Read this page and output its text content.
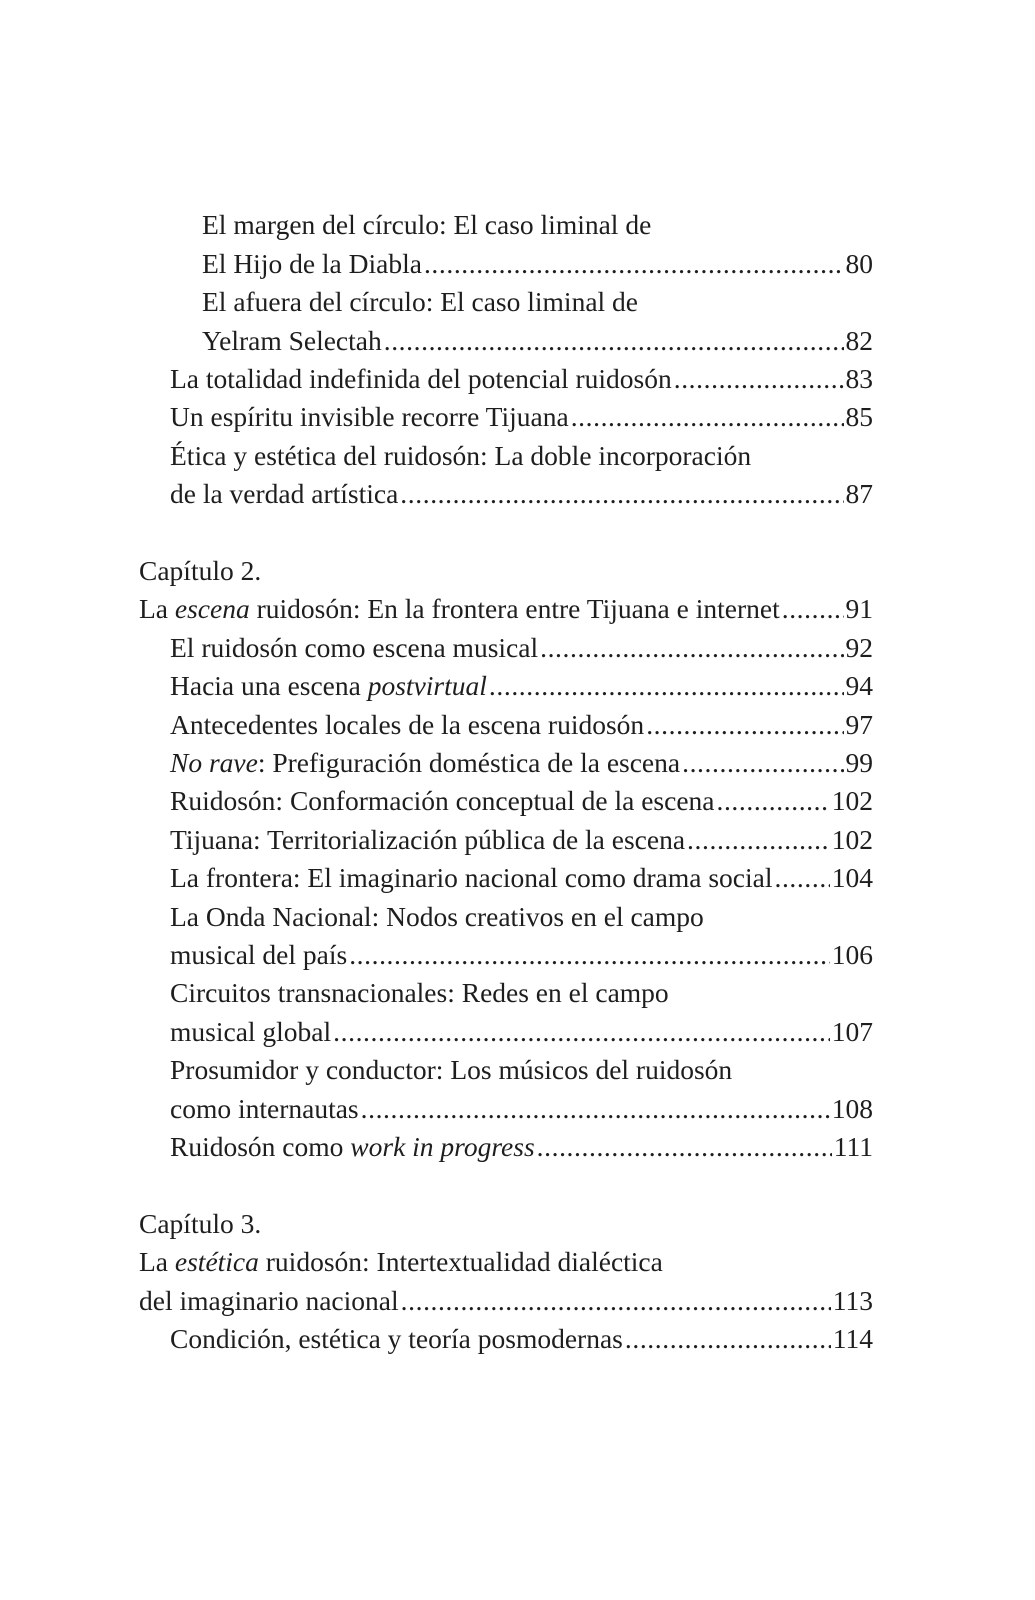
El margen del círculo: El caso liminal de
El Hijo de la Diabla .....	80
El afuera del círculo: El caso liminal de
Yelram Selectah .....	82
La totalidad indefinida del potencial ruidosón .....	83
Un espíritu invisible recorre Tijuana .....	85
Ética y estética del ruidosón: La doble incorporación
de la verdad artística .....	87
Capítulo 2.
La escena ruidosón: En la frontera entre Tijuana e internet ..... 91
El ruidosón como escena musical .....	92
Hacia una escena postvirtual .....	94
Antecedentes locales de la escena ruidosón .....	97
No rave: Prefiguración doméstica de la escena .....	99
Ruidosón: Conformación conceptual de la escena .....	102
Tijuana: Territorialización pública de la escena .....	102
La frontera: El imaginario nacional como drama social ..... 104
La Onda Nacional: Nodos creativos en el campo
musical del país .....	106
Circuitos transnacionales: Redes en el campo
musical global .....	107
Prosumidor y conductor: Los músicos del ruidosón
como internautas .....	108
Ruidosón como work in progress .....	111
Capítulo 3.
La estética ruidosón: Intertextualidad dialéctica
del imaginario nacional .....	113
Condición, estética y teoría posmodernas .....	114
